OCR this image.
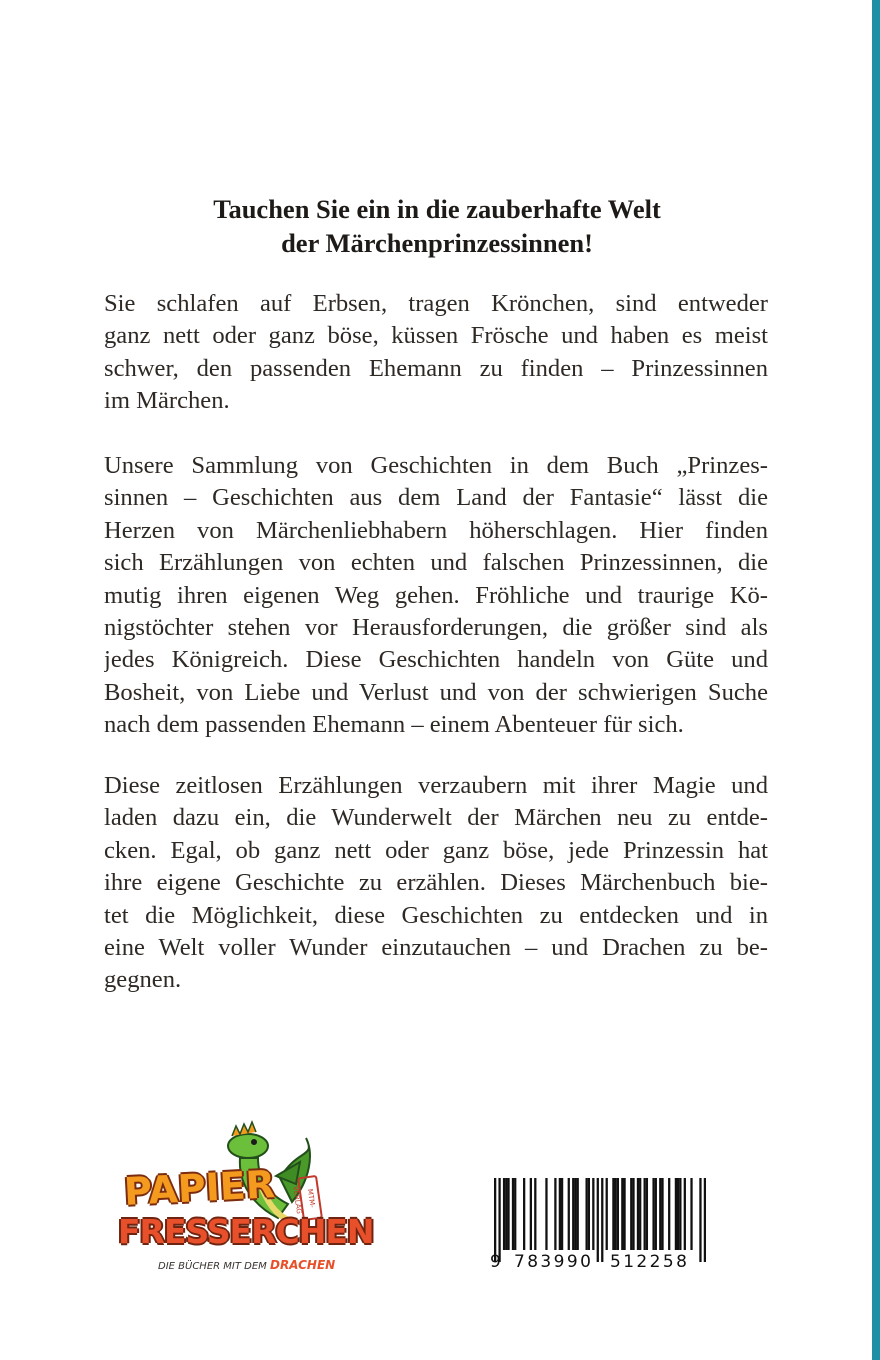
Tauchen Sie ein in die zauberhafte Welt
der Märchenprinzessinnen!
Sie schlafen auf Erbsen, tragen Krönchen, sind entweder
ganz nett oder ganz böse, küssen Frösche und haben es meist
schwer, den passenden Ehemann zu finden – Prinzessinnen
im Märchen.
Unsere Sammlung von Geschichten in dem Buch „Prinzes-
sinnen – Geschichten aus dem Land der Fantasie“ lässt die
Herzen von Märchenliebhabern höherschlagen. Hier finden
sich Erzählungen von echten und falschen Prinzessinnen, die
mutig ihren eigenen Weg gehen. Fröhliche und traurige Kö-
nigstöchter stehen vor Herausforderungen, die größer sind als
jedes Königreich. Diese Geschichten handeln von Güte und
Bosheit, von Liebe und Verlust und von der schwierigen Suche
nach dem passenden Ehemann – einem Abenteuer für sich.
Diese zeitlosen Erzählungen verzaubern mit ihrer Magie und
laden dazu ein, die Wunderwelt der Märchen neu zu entde-
cken. Egal, ob ganz nett oder ganz böse, jede Prinzessin hat
ihre eigene Geschichte zu erzählen. Dieses Märchenbuch bie-
tet die Möglichkeit, diese Geschichten zu entdecken und in
eine Welt voller Wunder einzutauchen – und Drachen zu be-
gegnen.
PAPIER	MTM-VERLAG
FRESSERCHEN
DIE BÜCHER MIT DEM DRACHEN	9 783990 512258
